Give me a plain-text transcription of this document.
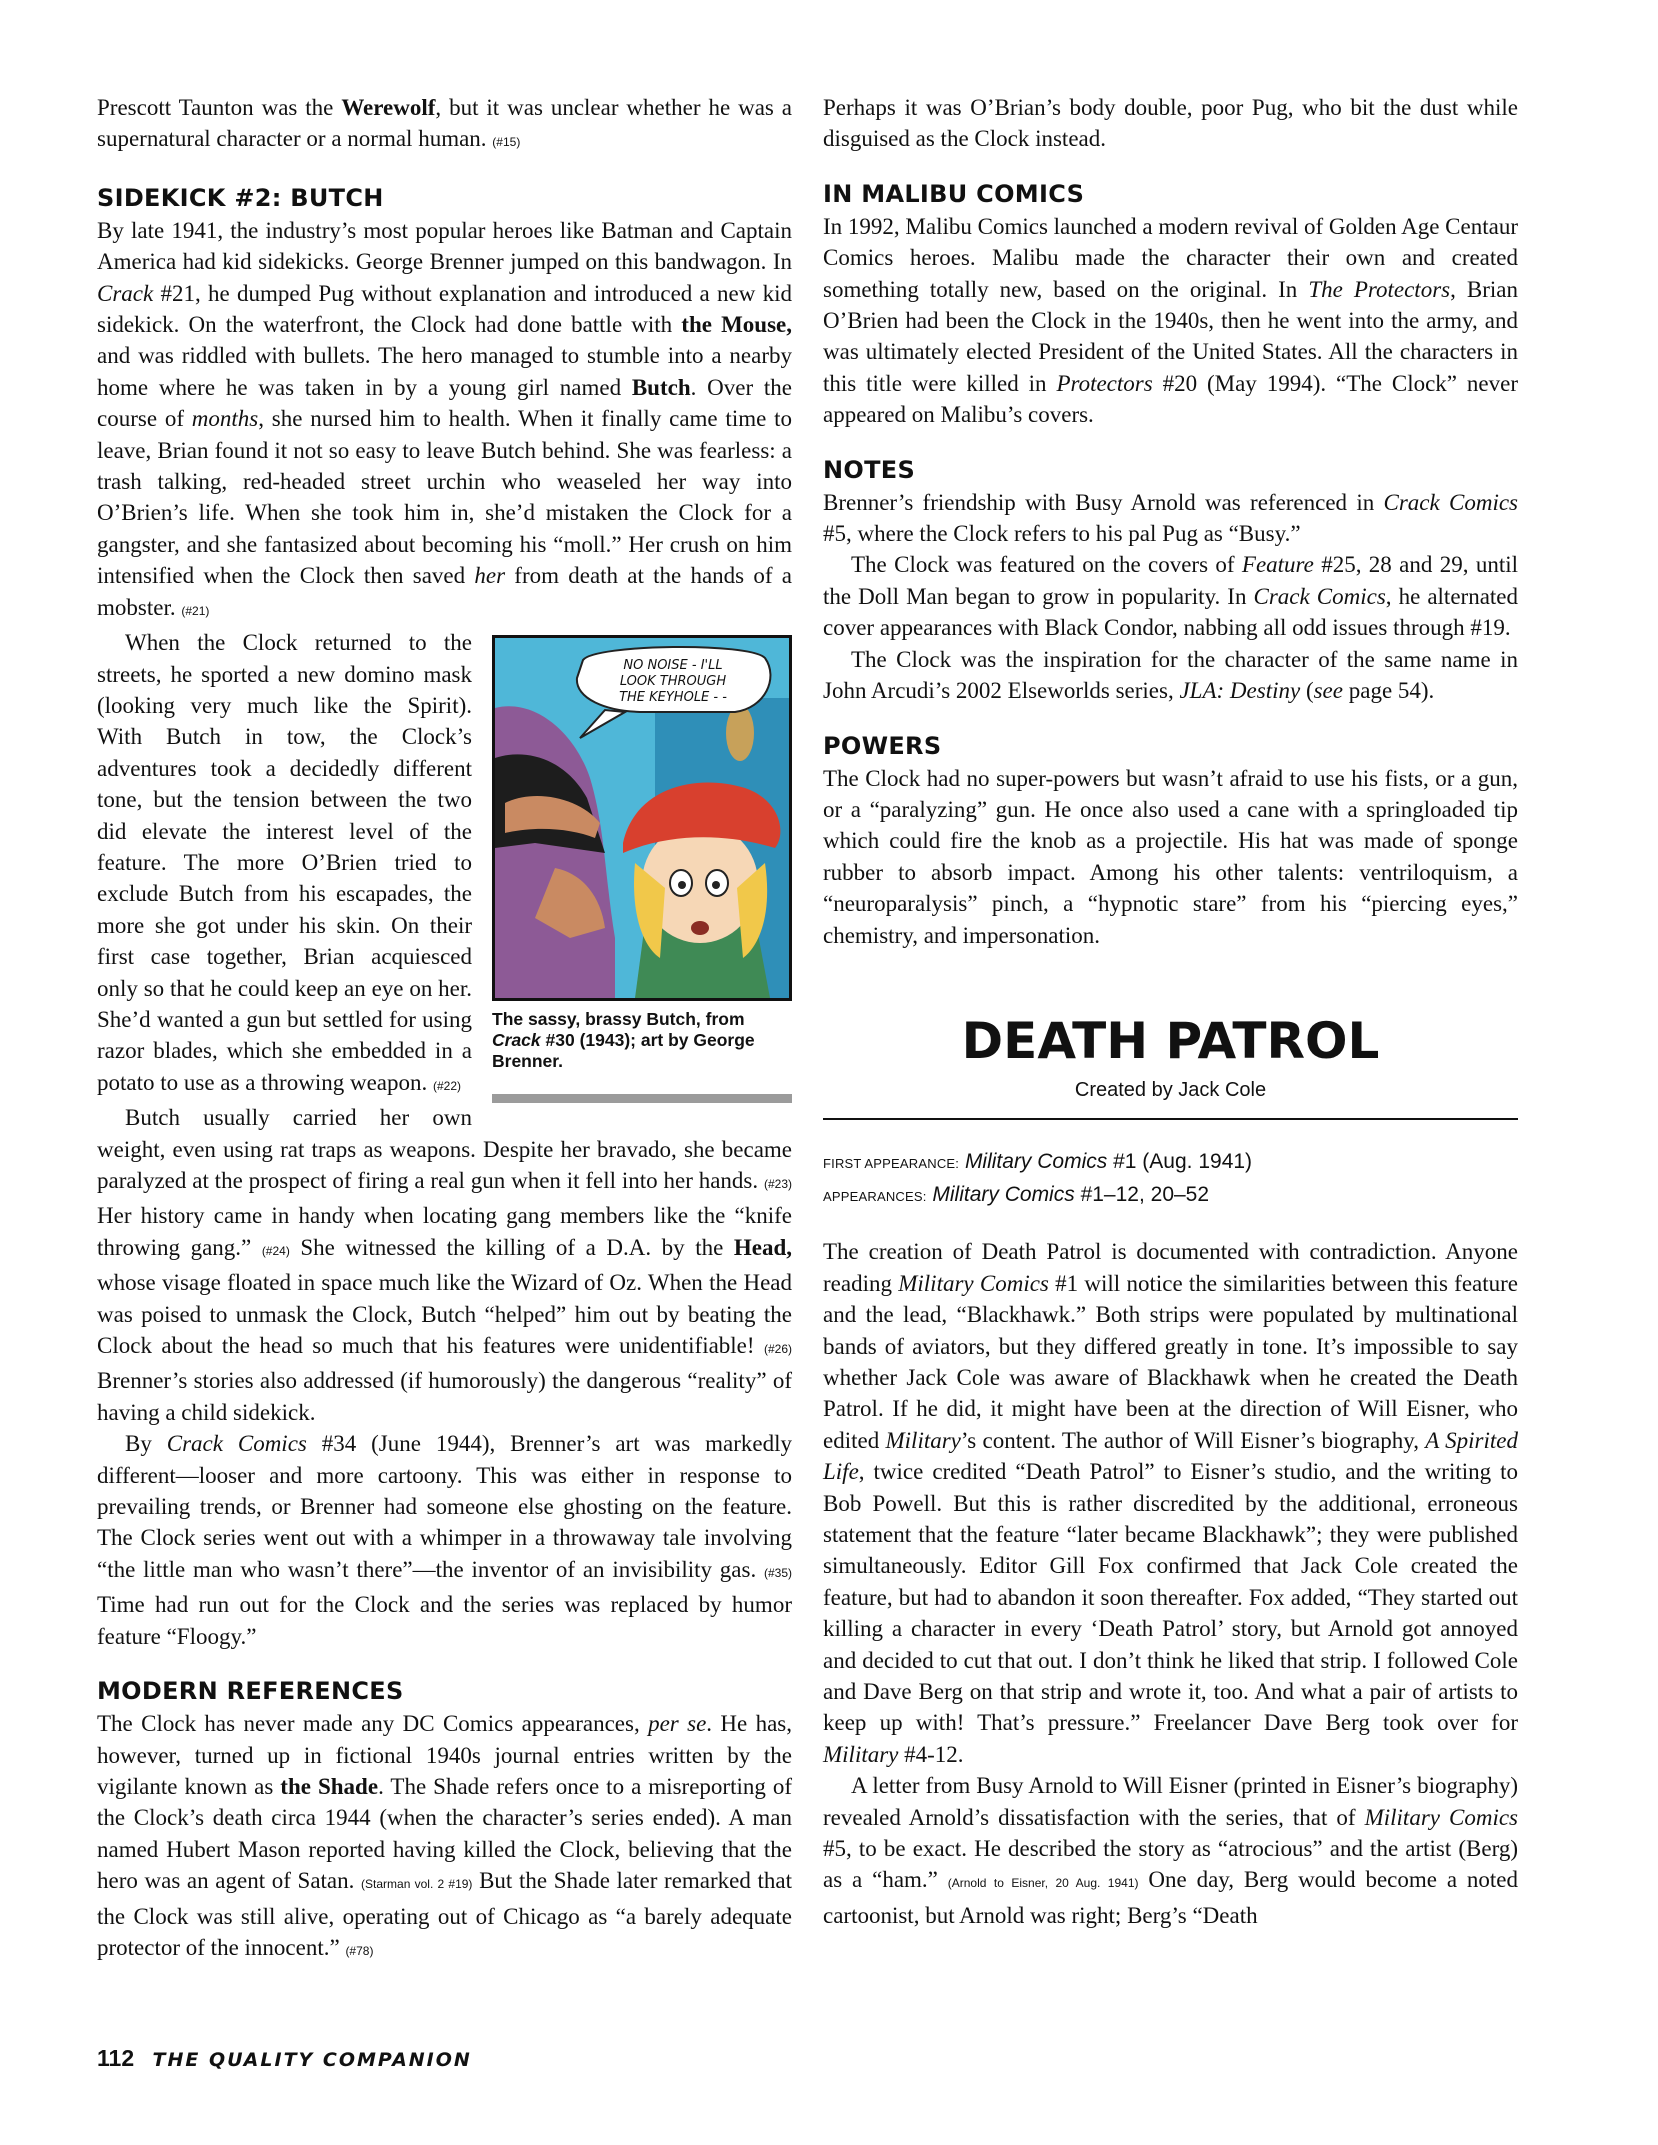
Prescott Taunton was the Werewolf, but it was unclear whether he was a supernatural character or a normal human. (#15)

SIDEKICK #2: BUTCH

By late 1941, the industry’s most popular heroes like Batman and Captain America had kid sidekicks. George Brenner jumped on this bandwagon. In Crack #21, he dumped Pug without explanation and introduced a new kid sidekick. On the waterfront, the Clock had done battle with the Mouse, and was riddled with bullets. The hero managed to stumble into a nearby home where he was taken in by a young girl named Butch. Over the course of months, she nursed him to health. When it finally came time to leave, Brian found it not so easy to leave Butch behind. She was fearless: a trash talking, red-headed street urchin who weaseled her way into O’Brien’s life. When she took him in, she’d mistaken the Clock for a gangster, and she fantasized about becoming his “moll.” Her crush on him intensified when the Clock then saved her from death at the hands of a mobster. (#21)

NO NOISE - I'LL
LOOK THROUGH
THE KEYHOLE - -
The sassy, brassy Butch, from Crack #30 (1943); art by George Brenner.

When the Clock returned to the streets, he sported a new domino mask (looking very much like the Spirit). With Butch in tow, the Clock’s adventures took a decidedly different tone, but the tension between the two did elevate the interest level of the feature. The more O’Brien tried to exclude Butch from his escapades, the more she got under his skin. On their first case together, Brian acquiesced only so that he could keep an eye on her. She’d wanted a gun but settled for using razor blades, which she embedded in a potato to use as a throwing weapon. (#22)

Butch usually carried her own weight, even using rat traps as weapons. Despite her bravado, she became paralyzed at the prospect of firing a real gun when it fell into her hands. (#23) Her history came in handy when locating gang members like the “knife throwing gang.” (#24) She witnessed the killing of a D.A. by the Head, whose visage floated in space much like the Wizard of Oz. When the Head was poised to unmask the Clock, Butch “helped” him out by beating the Clock about the head so much that his features were unidentifiable! (#26) Brenner’s stories also addressed (if humorously) the dangerous “reality” of having a child sidekick.

By Crack Comics #34 (June 1944), Brenner’s art was markedly different—looser and more cartoony. This was either in response to prevailing trends, or Brenner had someone else ghosting on the feature. The Clock series went out with a whimper in a throwaway tale involving “the little man who wasn’t there”—the inventor of an invisibility gas. (#35) Time had run out for the Clock and the series was replaced by humor feature “Floogy.”

MODERN REFERENCES

The Clock has never made any DC Comics appearances, per se. He has, however, turned up in fictional 1940s journal entries written by the vigilante known as the Shade. The Shade refers once to a misreporting of the Clock’s death circa 1944 (when the character’s series ended). A man named Hubert Mason reported having killed the Clock, believing that the hero was an agent of Satan. (Starman vol. 2 #19) But the Shade later remarked that the Clock was still alive, operating out of Chicago as “a barely adequate protector of the innocent.” (#78)

Perhaps it was O’Brian’s body double, poor Pug, who bit the dust while disguised as the Clock instead.

IN MALIBU COMICS

In 1992, Malibu Comics launched a modern revival of Golden Age Centaur Comics heroes. Malibu made the character their own and created something totally new, based on the original. In The Protectors, Brian O’Brien had been the Clock in the 1940s, then he went into the army, and was ultimately elected President of the United States. All the characters in this title were killed in Protectors #20 (May 1994). “The Clock” never appeared on Malibu’s covers.

NOTES

Brenner’s friendship with Busy Arnold was referenced in Crack Comics #5, where the Clock refers to his pal Pug as “Busy.”

The Clock was featured on the covers of Feature #25, 28 and 29, until the Doll Man began to grow in popularity. In Crack Comics, he alternated cover appearances with Black Condor, nabbing all odd issues through #19.

The Clock was the inspiration for the character of the same name in John Arcudi’s 2002 Elseworlds series, JLA: Destiny (see page 54).

POWERS

The Clock had no super-powers but wasn’t afraid to use his fists, or a gun, or a “paralyzing” gun. He once also used a cane with a springloaded tip which could fire the knob as a projectile. His hat was made of sponge rubber to absorb impact. Among his other talents: ventriloquism, a “neuroparalysis” pinch, a “hypnotic stare” from his “piercing eyes,” chemistry, and impersonation.

DEATH PATROL
Created by Jack Cole
FIRST APPEARANCE: Military Comics #1 (Aug. 1941)
APPEARANCES: Military Comics #1–12, 20–52

The creation of Death Patrol is documented with contradiction. Anyone reading Military Comics #1 will notice the similarities between this feature and the lead, “Blackhawk.” Both strips were populated by multinational bands of aviators, but they differed greatly in tone. It’s impossible to say whether Jack Cole was aware of Blackhawk when he created the Death Patrol. If he did, it might have been at the direction of Will Eisner, who edited Military’s content. The author of Will Eisner’s biography, A Spirited Life, twice credited “Death Patrol” to Eisner’s studio, and the writing to Bob Powell. But this is rather discredited by the additional, erroneous statement that the feature “later became Blackhawk”; they were published simultaneously. Editor Gill Fox confirmed that Jack Cole created the feature, but had to abandon it soon thereafter. Fox added, “They started out killing a character in every ‘Death Patrol’ story, but Arnold got annoyed and decided to cut that out. I don’t think he liked that strip. I followed Cole and Dave Berg on that strip and wrote it, too. And what a pair of artists to keep up with! That’s pressure.” Freelancer Dave Berg took over for Military #4-12.

A letter from Busy Arnold to Will Eisner (printed in Eisner’s biography) revealed Arnold’s dissatisfaction with the series, that of Military Comics #5, to be exact. He described the story as “atrocious” and the artist (Berg) as a “ham.” (Arnold to Eisner, 20 Aug. 1941) One day, Berg would become a noted cartoonist, but Arnold was right; Berg’s “Death

112 THE QUALITY COMPANION
